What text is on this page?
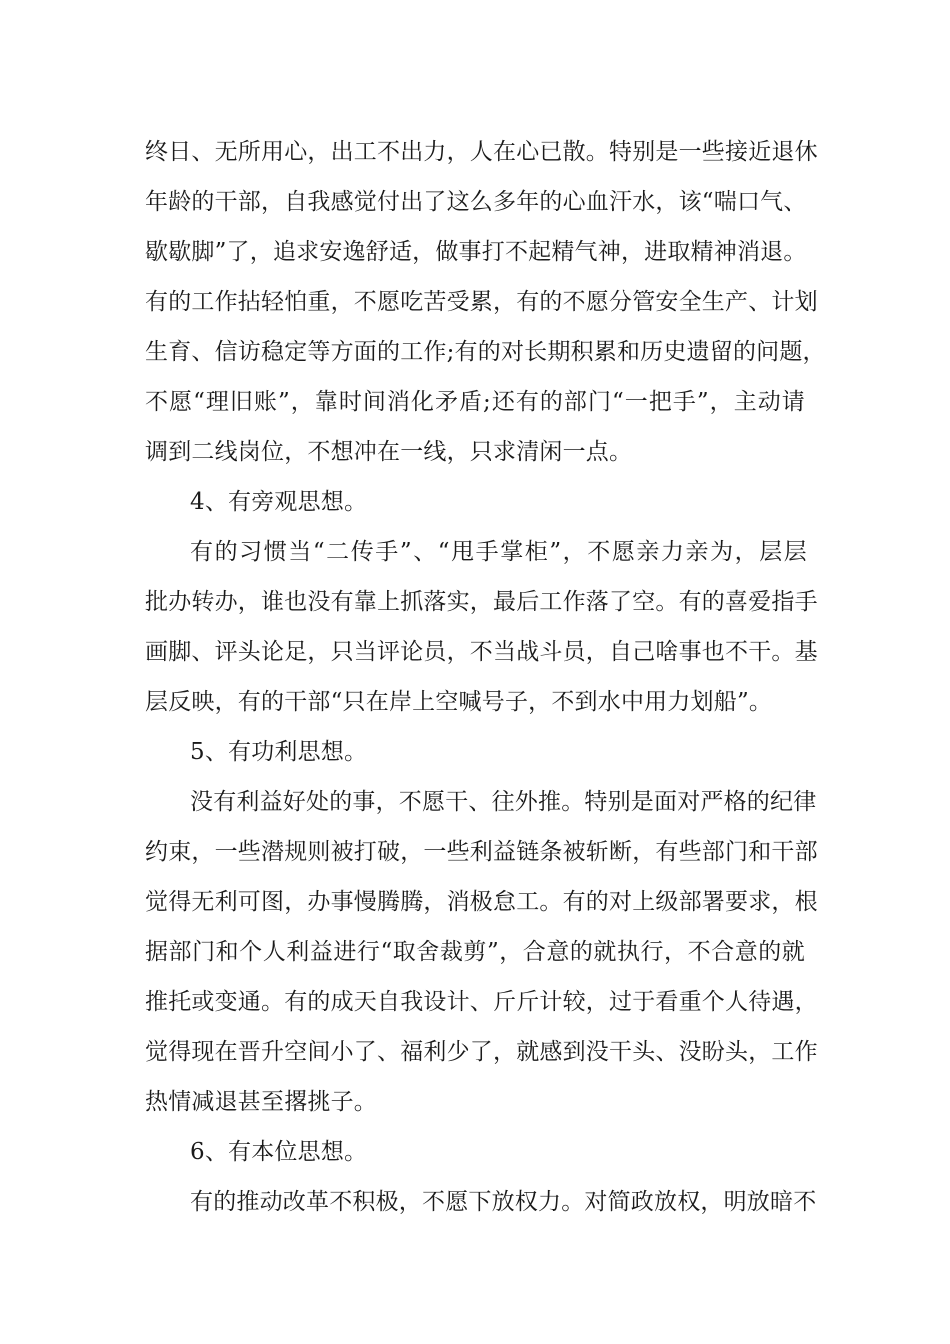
终日、无所用心，出工不出力，人在心已散。特别是一些接近退休
年龄的干部，自我感觉付出了这么多年的心血汗水，该“喘口气、
歇歇脚”了，追求安逸舒适，做事打不起精气神，进取精神消退。
有的工作拈轻怕重，不愿吃苦受累，有的不愿分管安全生产、计划
生育、信访稳定等方面的工作;有的对长期积累和历史遗留的问题，
不愿“理旧账”，靠时间消化矛盾;还有的部门“一把手”，主动请
调到二线岗位，不想冲在一线，只求清闲一点。
4、有旁观思想。
有的习惯当“二传手”、“甩手掌柜”，不愿亲力亲为，层层
批办转办，谁也没有靠上抓落实，最后工作落了空。有的喜爱指手
画脚、评头论足，只当评论员，不当战斗员，自己啥事也不干。基
层反映，有的干部“只在岸上空喊号子，不到水中用力划船”。
5、有功利思想。
没有利益好处的事，不愿干、往外推。特别是面对严格的纪律
约束，一些潜规则被打破，一些利益链条被斩断，有些部门和干部
觉得无利可图，办事慢腾腾，消极怠工。有的对上级部署要求，根
据部门和个人利益进行“取舍裁剪”，合意的就执行，不合意的就
推托或变通。有的成天自我设计、斤斤计较，过于看重个人待遇，
觉得现在晋升空间小了、福利少了，就感到没干头、没盼头，工作
热情减退甚至撂挑子。
6、有本位思想。
有的推动改革不积极，不愿下放权力。对简政放权，明放暗不
